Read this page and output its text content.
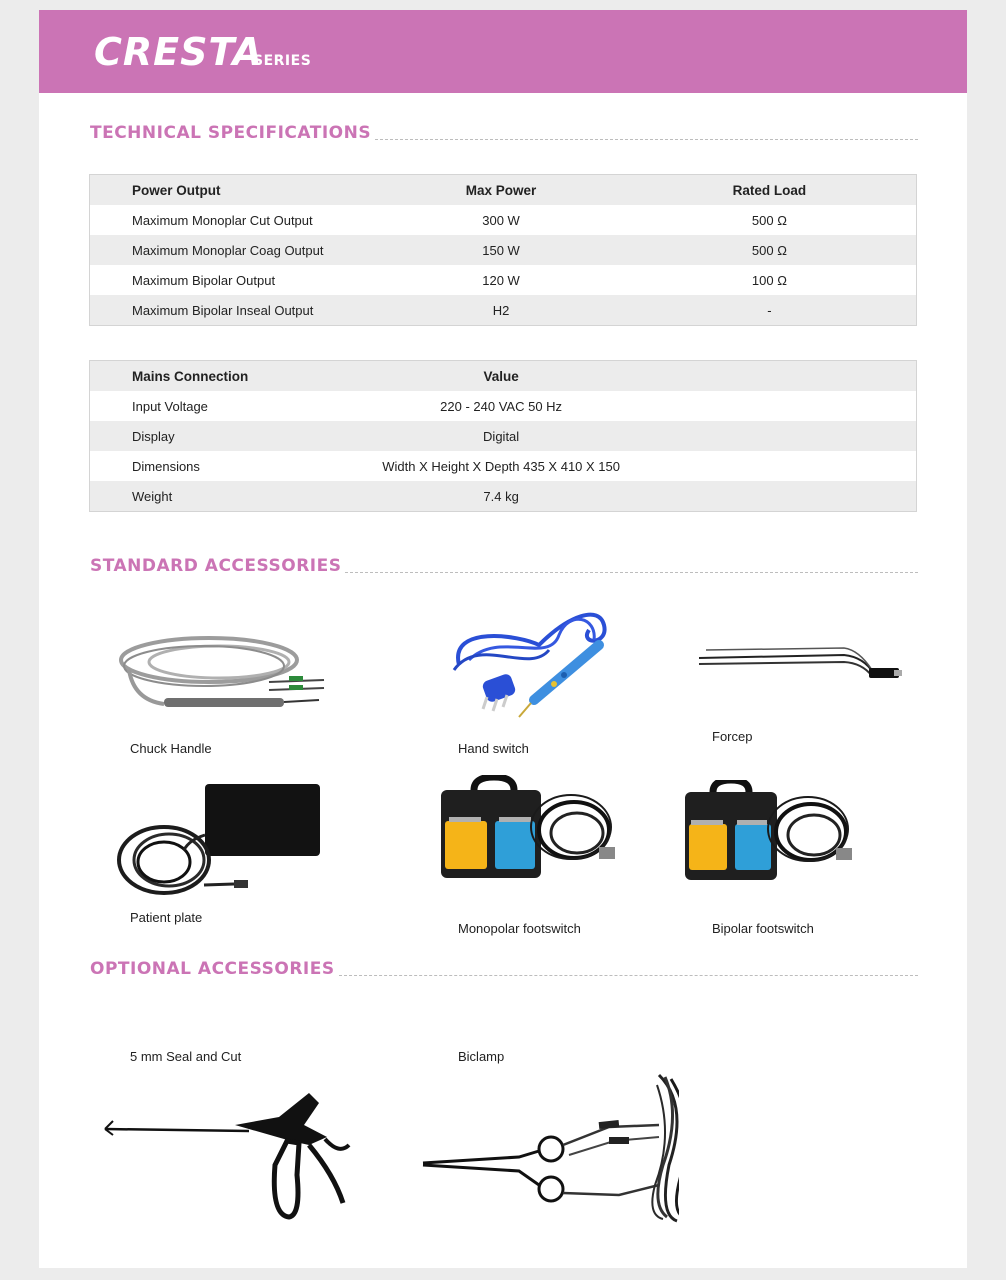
CRESTA
SERIES
TECHNICAL SPECIFICATIONS
Power Output	Max Power	Rated Load
Maximum Monoplar Cut Output	300 W	500 Ω
Maximum Monoplar Coag Output	150 W	500 Ω
Maximum Bipolar Output	120 W	100 Ω
Maximum Bipolar Inseal Output	H2	-
Mains Connection	Value	
Input Voltage	220 - 240 VAC 50 Hz	
Display	Digital	
Dimensions	Width X Height X Depth 435 X 410 X 150	
Weight	7.4 kg	
STANDARD ACCESSORIES
Chuck Handle	Hand switch
Forcep
Patient plate
Monopolar footswitch	Bipolar footswitch
OPTIONAL ACCESSORIES
5 mm Seal and Cut	Biclamp
